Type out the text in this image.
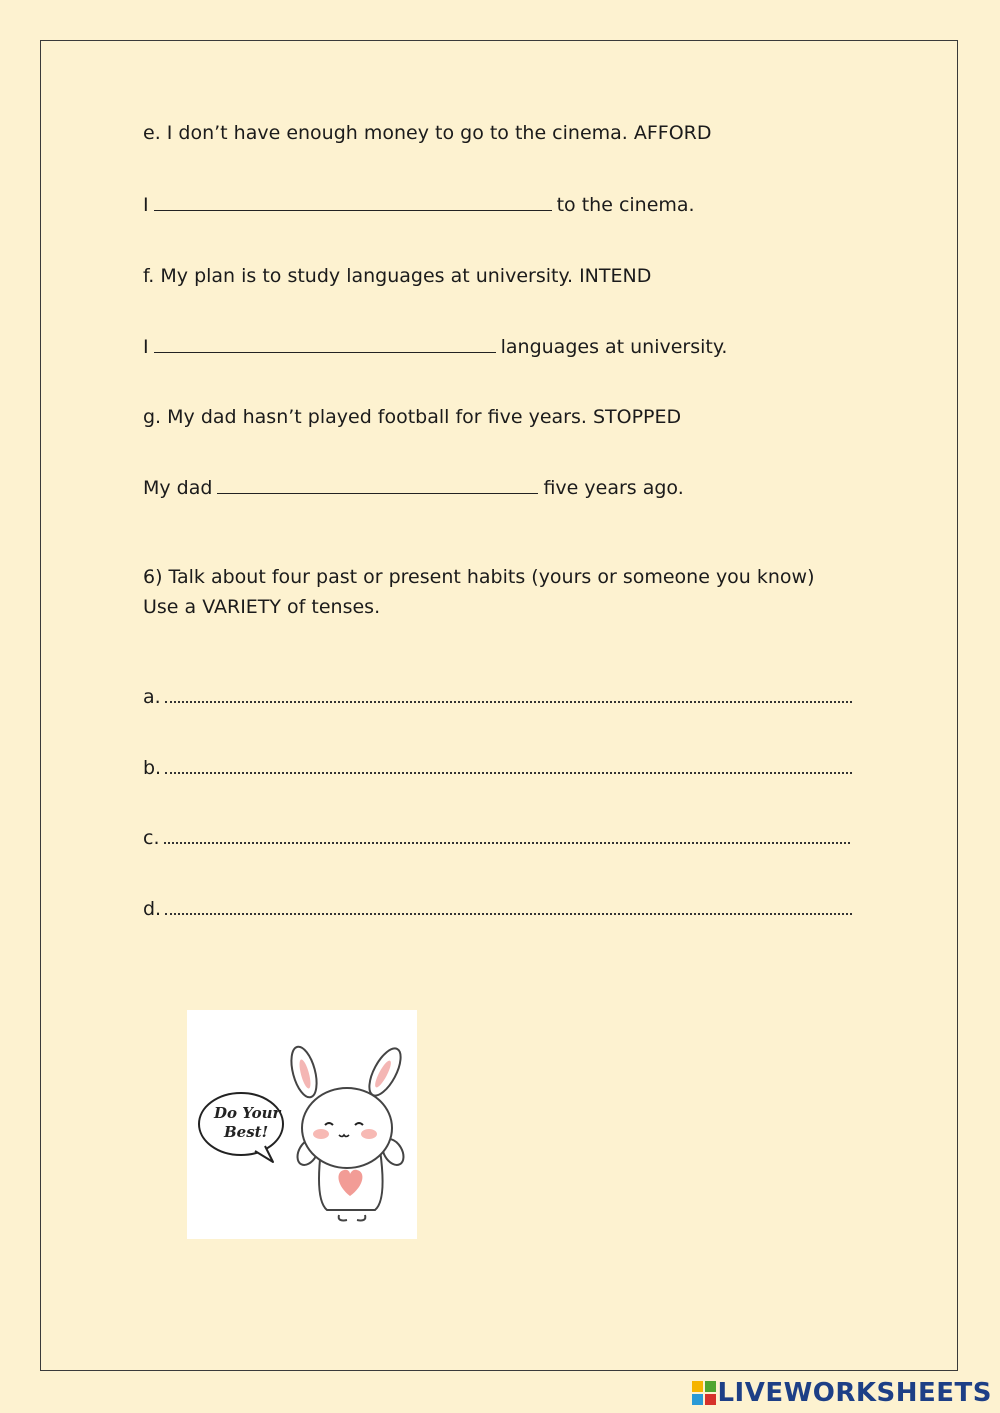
e. I don’t have enough money to go to the cinema. AFFORD
I	to the cinema.
f. My plan is to study languages at university. INTEND
I	languages at university.
g. My dad hasn’t played football for five years. STOPPED
My dad	five years ago.
6) Talk about four past or present habits (yours or someone you know)
Use a VARIETY of tenses.
a.
b.
c.
d.
Do Your
Best!
LIVEWORKSHEETS
